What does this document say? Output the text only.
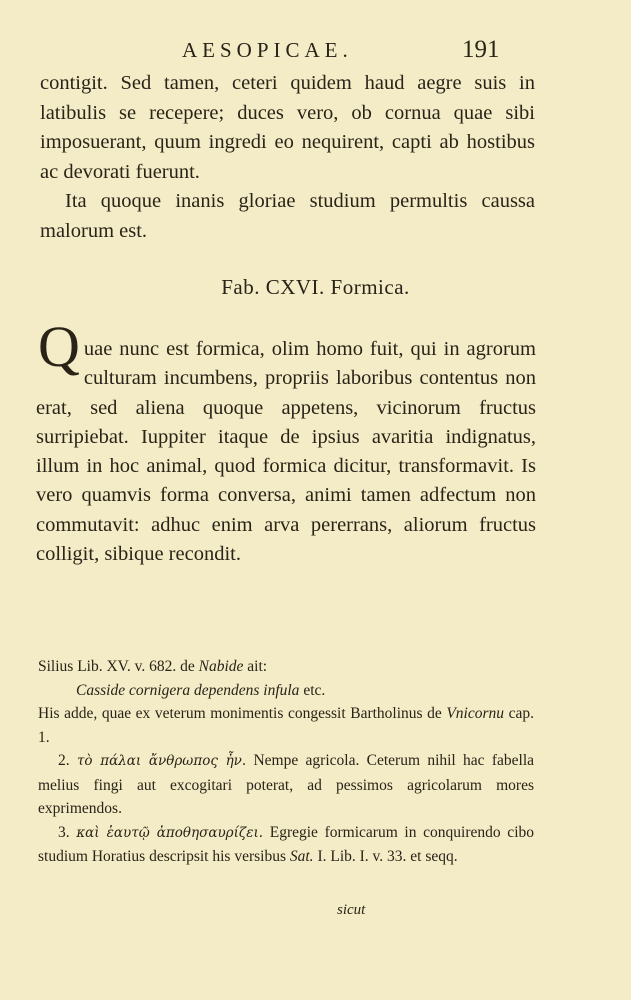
AESOPICAE.	191

contigit. Sed tamen, ceteri quidem haud aegre suis in latibulis se recepere; duces vero, ob cornua quae sibi imposuerant, quum ingredi eo nequirent, capti ab hostibus ac devorati fuerunt.

Ita quoque inanis gloriae studium permultis caussa malorum est.

Fab. CXVI. Formica.
Q uae nunc est formica, olim homo fuit, qui in agrorum culturam incumbens, propriis laboribus contentus non erat, sed aliena quoque appetens, vicinorum fructus surripiebat. Iuppiter itaque de ipsius avaritia indignatus, illum in hoc animal, quod formica dicitur, transformavit. Is vero quamvis forma conversa, animi tamen adfectum non commutavit: adhuc enim arva pererrans, aliorum fructus colligit, sibique recondit.

Silius Lib. XV. v. 682. de Nabide ait:
Casside cornigera dependens infula etc.
His adde, quae ex veterum monimentis congessit Bartholinus de Vnicornu cap. 1.

2. τὸ πάλαι ἄνθρωπος ἦν. Nempe agricola. Ceterum nihil hac fabella melius fingi aut excogitari poterat, ad pessimos agricolarum mores exprimendos.

3. καὶ ἑαυτῷ ἀποθησαυρίζει. Egregie formicarum in conquirendo cibo studium Horatius descripsit his versibus Sat. I. Lib. I. v. 33. et seqq.

sicut
